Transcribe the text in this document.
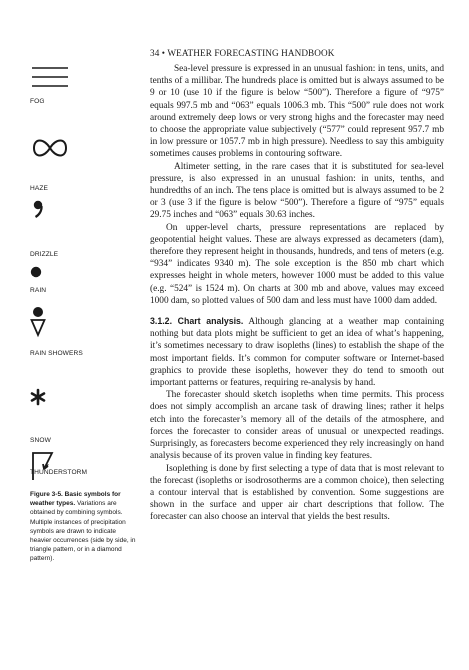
34 • WEATHER FORECASTING HANDBOOK
FOG
HAZE
DRIZZLE
RAIN
RAIN SHOWERS
SNOW
THUNDERSTORM
Figure 3-5. Basic symbols for weather types. Variations are obtained by combining symbols. Multiple instances of precipitation symbols are drawn to indicate heavier occurrences (side by side, in triangle pattern, or in a diamond pattern).

Sea-level pressure is expressed in an unusual fashion: in tens, units, and tenths of a millibar. The hundreds place is omitted but is always assumed to be 9 or 10 (use 10 if the figure is below “500”). Therefore a figure of “975” equals 997.5 mb and “063” equals 1006.3 mb. This “500” rule does not work around extremely deep lows or very strong highs and the forecaster may need to choose the appropriate value subjectively (“577” could represent 957.7 mb in low pressure or 1057.7 mb in high pressure). Needless to say this ambiguity sometimes causes problems in contouring software.

Altimeter setting, in the rare cases that it is substituted for sea-level pressure, is also expressed in an unusual fashion: in units, tenths, and hundredths of an inch. The tens place is omitted but is always assumed to be 2 or 3 (use 3 if the figure is below “500”). Therefore a figure of “975” equals 29.75 inches and “063” equals 30.63 inches.

On upper-level charts, pressure representations are replaced by geopotential height values. These are always expressed as decameters (dam), therefore they represent height in thousands, hundreds, and tens of meters (e.g. “934” indicates 9340 m). The sole exception is the 850 mb chart which expresses height in whole meters, however 1000 must be added to this value (e.g. “524” is 1524 m). On charts at 300 mb and above, values may exceed 1000 dam, so plotted values of 500 dam and less must have 1000 dam added.

3.1.2. Chart analysis. Although glancing at a weather map containing nothing but data plots might be sufficient to get an idea of what’s happening, it’s sometimes necessary to draw isopleths (lines) to establish the shape of the most important fields. It’s common for computer software or Internet-based graphics to provide these isopleths, however they do tend to smooth out important patterns or features, requiring re-analysis by hand.

The forecaster should sketch isopleths when time permits. This process does not simply accomplish an arcane task of drawing lines; rather it helps etch into the forecaster’s memory all of the details of the atmosphere, and forces the forecaster to consider areas of unusual or unexpected readings. Surprisingly, as forecasters become experienced they rely increasingly on hand analysis because of its proven value in finding key features.

Isoplething is done by first selecting a type of data that is most relevant to the forecast (isopleths or isodrosotherms are a common choice), then selecting a contour interval that is established by convention. Some suggestions are shown in the surface and upper air chart descriptions that follow. The forecaster can also choose an interval that yields the best results.
